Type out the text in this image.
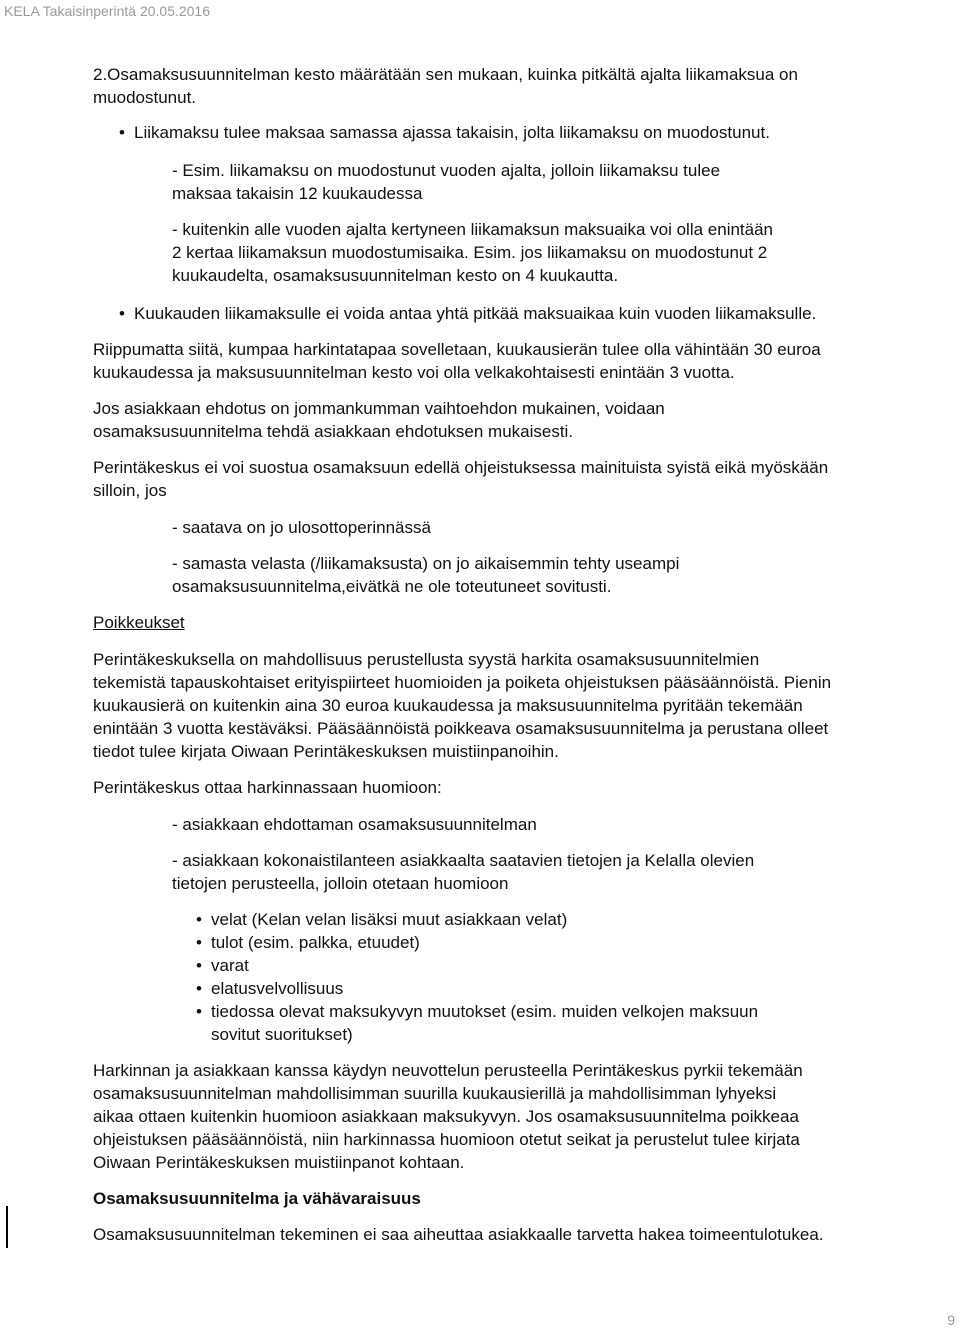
KELA Takaisinperintä 20.05.2016

2.Osamaksusuunnitelman kesto määrätään sen mukaan, kuinka pitkältä ajalta liikamaksua on

muodostunut.

• Liikamaksu tulee maksaa samassa ajassa takaisin, jolta liikamaksu on muodostunut.

- Esim. liikamaksu on muodostunut vuoden ajalta, jolloin liikamaksu tulee

maksaa takaisin 12 kuukaudessa

- kuitenkin alle vuoden ajalta kertyneen liikamaksun maksuaika voi olla enintään

2 kertaa liikamaksun muodostumisaika. Esim. jos liikamaksu on muodostunut 2

kuukaudelta, osamaksusuunnitelman kesto on 4 kuukautta.

• Kuukauden liikamaksulle ei voida antaa yhtä pitkää maksuaikaa kuin vuoden liikamaksulle.

Riippumatta siitä, kumpaa harkintatapaa sovelletaan, kuukausierän tulee olla vähintään 30 euroa

kuukaudessa ja maksusuunnitelman kesto voi olla velkakohtaisesti enintään 3 vuotta.

Jos asiakkaan ehdotus on jommankumman vaihtoehdon mukainen, voidaan

osamaksusuunnitelma tehdä asiakkaan ehdotuksen mukaisesti.

Perintäkeskus ei voi suostua osamaksuun edellä ohjeistuksessa mainituista syistä eikä myöskään

silloin, jos

- saatava on jo ulosottoperinnässä

- samasta velasta (/liikamaksusta) on jo aikaisemmin tehty useampi

osamaksusuunnitelma,eivätkä ne ole toteutuneet sovitusti.

Poikkeukset

Perintäkeskuksella on mahdollisuus perustellusta syystä harkita osamaksusuunnitelmien

tekemistä tapauskohtaiset erityispiirteet huomioiden ja poiketa ohjeistuksen pääsäännöistä. Pienin

kuukausierä on kuitenkin aina 30 euroa kuukaudessa ja maksusuunnitelma pyritään tekemään

enintään 3 vuotta kestäväksi. Pääsäännöistä poikkeava osamaksusuunnitelma ja perustana olleet

tiedot tulee kirjata Oiwaan Perintäkeskuksen muistiinpanoihin.

Perintäkeskus ottaa harkinnassaan huomioon:

- asiakkaan ehdottaman osamaksusuunnitelman

- asiakkaan kokonaistilanteen asiakkaalta saatavien tietojen ja Kelalla olevien

tietojen perusteella, jolloin otetaan huomioon

• velat (Kelan velan lisäksi muut asiakkaan velat)

• tulot (esim. palkka, etuudet)

• varat

• elatusvelvollisuus

• tiedossa olevat maksukyvyn muutokset (esim. muiden velkojen maksuun

sovitut suoritukset)

Harkinnan ja asiakkaan kanssa käydyn neuvottelun perusteella Perintäkeskus pyrkii tekemään

osamaksusuunnitelman mahdollisimman suurilla kuukausierillä ja mahdollisimman lyhyeksi

aikaa ottaen kuitenkin huomioon asiakkaan maksukyvyn. Jos osamaksusuunnitelma poikkeaa

ohjeistuksen pääsäännöistä, niin harkinnassa huomioon otetut seikat ja perustelut tulee kirjata

Oiwaan Perintäkeskuksen muistiinpanot kohtaan.

Osamaksusuunnitelma ja vähävaraisuus

Osamaksusuunnitelman tekeminen ei saa aiheuttaa asiakkaalle tarvetta hakea toimeentulotukea.

9
